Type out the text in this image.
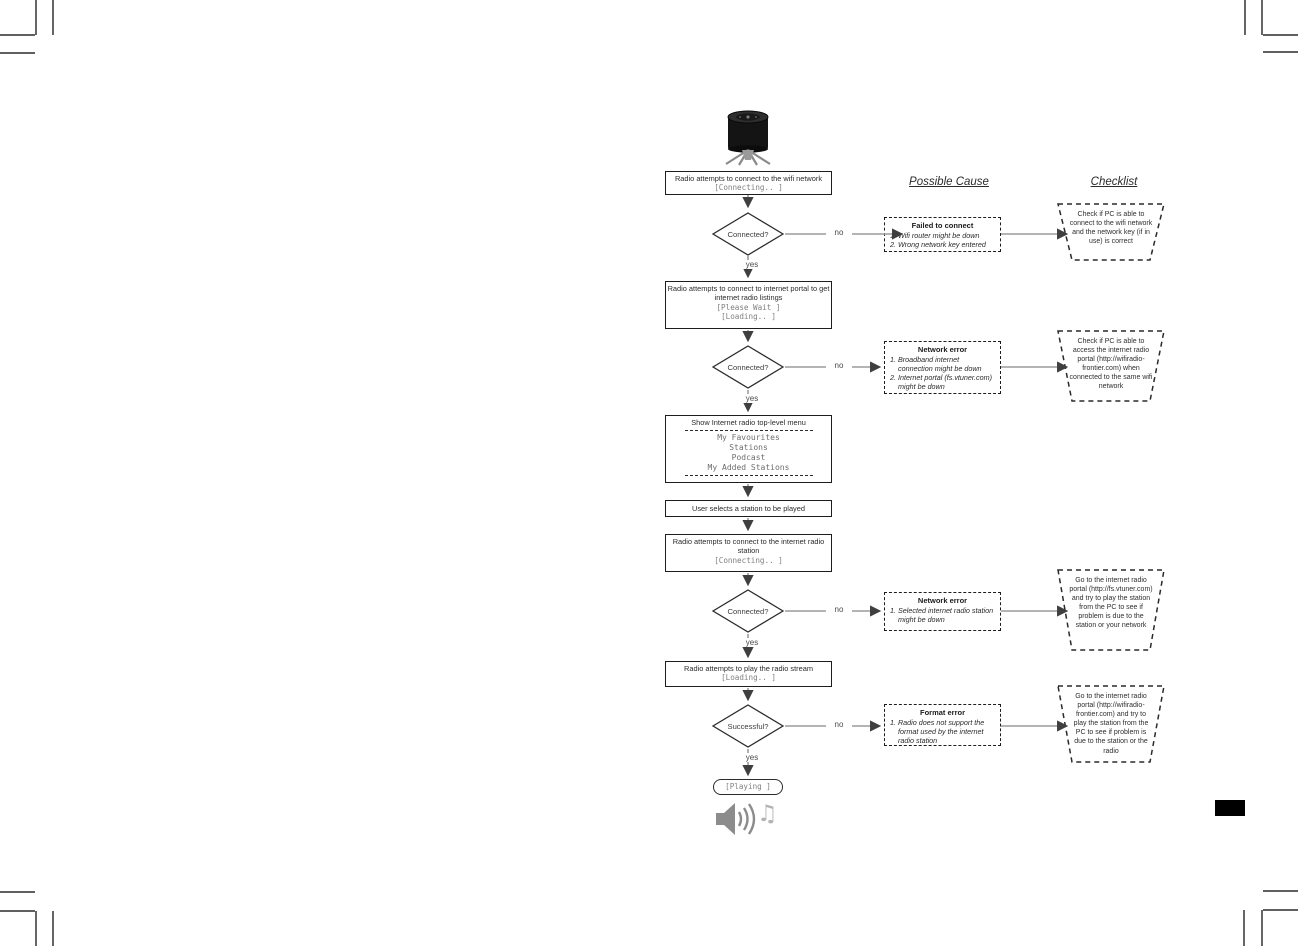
Possible Cause	Checklist
Radio attempts to connect to the wifi network
[Connecting.. ]
Connected?
Radio attempts to connect to internet portal to get internet radio listings
[Please Wait ]
[Loading.. ]
Connected?
Show Internet radio top-level menu
My Favourites
Stations
Podcast
My Added Stations
User selects a station to be played
Radio attempts to connect to the internet radio station
[Connecting.. ]
Connected?
Radio attempts to play the radio stream
[Loading.. ]
Successful?
[Playing ]
no
no
no
no
yes
yes
yes
yes
Failed to connect
1. Wifi router might be down
2. Wrong network key entered
Network error
1. Broadband internet connection might be down
2. Internet portal (fs.vtuner.com) might be down
Network error
1. Selected internet radio station might be down
Format error
1. Radio does not support the format used by the internet radio station
Check if PC is able to connect to the wifi network and the network key (if in use) is correct
Check if PC is able to access the internet radio portal (http://wifiradio-frontier.com) when connected to the same wifi network
Go to the internet radio portal (http://fs.vtuner.com) and try to play the station from the PC to see if problem is due to the station or your network
Go to the internet radio portal (http://wifiradio-frontier.com) and try to play the station from the PC to see if problem is due to the station or the radio
♫
